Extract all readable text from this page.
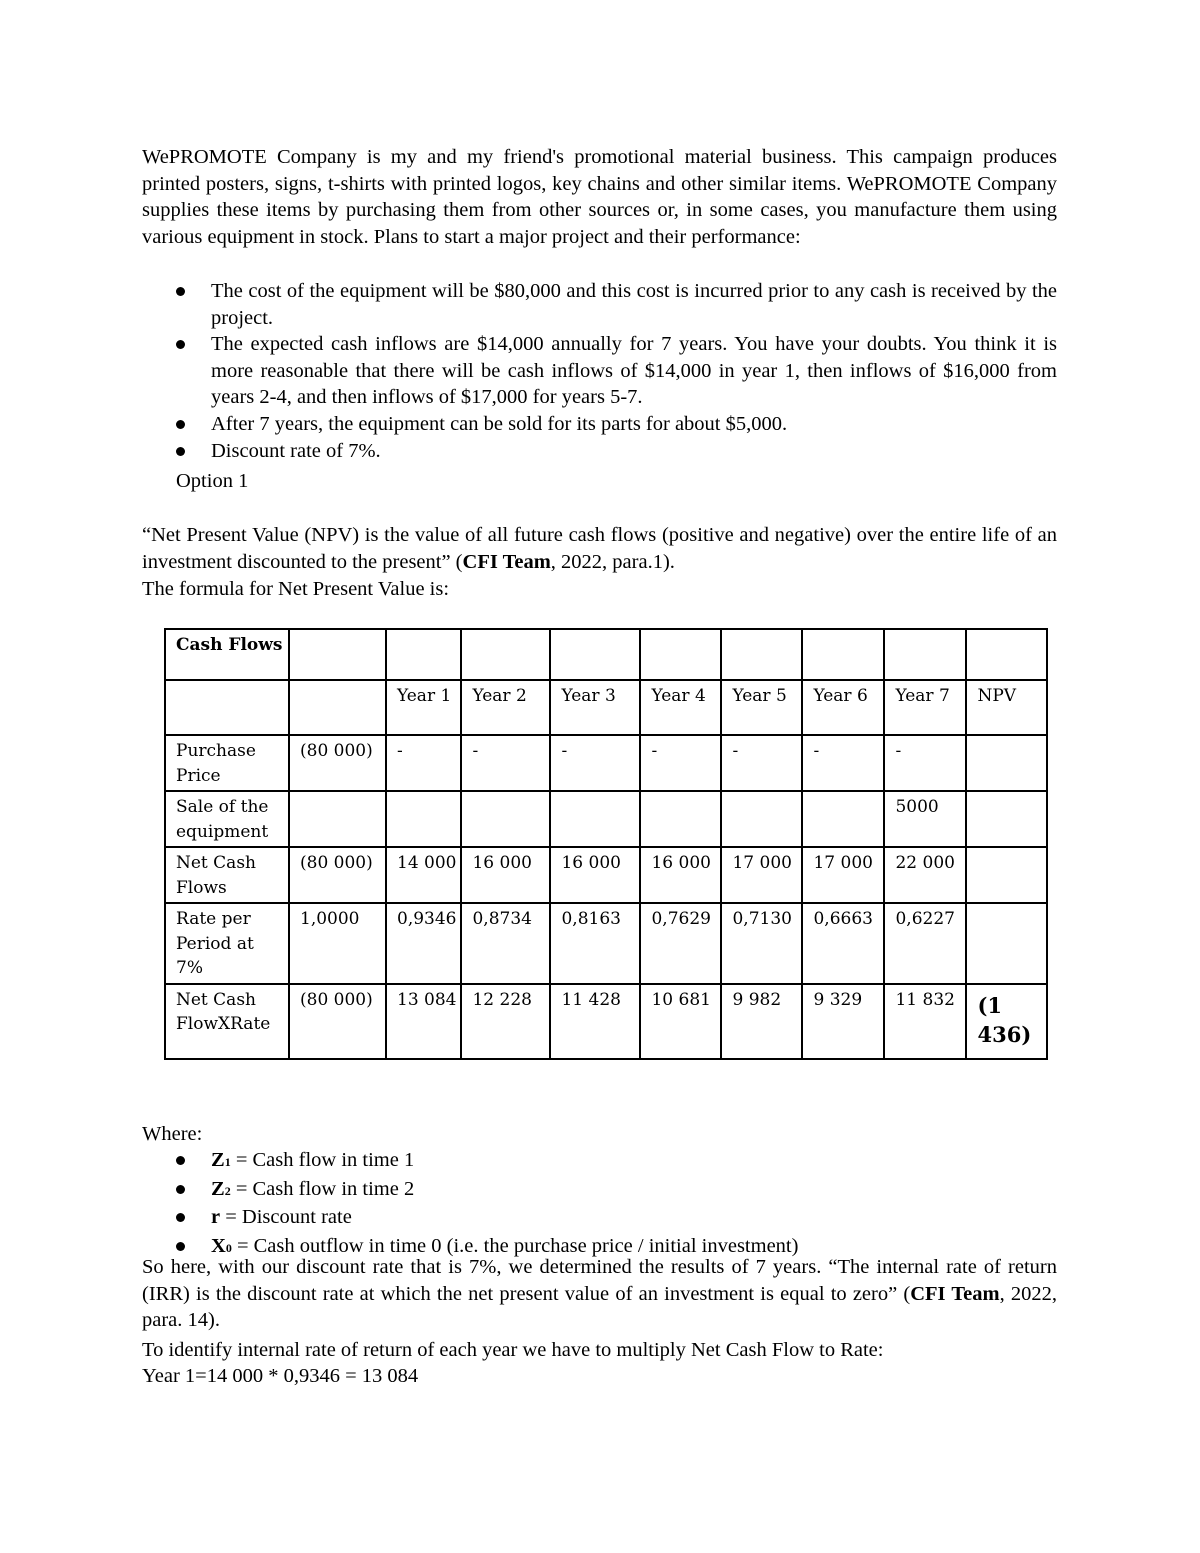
WePROMOTE Company is my and my friend's promotional material business. This campaign produces printed posters, signs, t-shirts with printed logos, key chains and other similar items. WePROMOTE Company supplies these items by purchasing them from other sources or, in some cases, you manufacture them using various equipment in stock. Plans to start a major project and their performance:

The cost of the equipment will be $80,000 and this cost is incurred prior to any cash is received by the project.
The expected cash inflows are $14,000 annually for 7 years. You have your doubts. You think it is more reasonable that there will be cash inflows of $14,000 in year 1, then inflows of $16,000 from years 2-4, and then inflows of $17,000 for years 5-7.
After 7 years, the equipment can be sold for its parts for about $5,000.
Discount rate of 7%.

Option 1

“Net Present Value (NPV) is the value of all future cash flows (positive and negative) over the entire life of an investment discounted to the present” (CFI Team, 2022, para.1).

The formula for Net Present Value is:

Cash Flows									
		Year 1	Year 2	Year 3	Year 4	Year 5	Year 6	Year 7	NPV
Purchase Price	(80 000)	-	-	-	-	-	-	-	
Sale of the equipment								5000	
Net Cash Flows	(80 000)	14 000	16 000	16 000	16 000	17 000	17 000	22 000	
Rate per Period at 7%	1,0000	0,9346	0,8734	0,8163	0,7629	0,7130	0,6663	0,6227	
Net Cash FlowXRate	(80 000)	13 084	12 228	11 428	10 681	9 982	9 329	11 832	(1 436)

Where:

Z1 = Cash flow in time 1
Z2 = Cash flow in time 2
r = Discount rate
X0 = Cash outflow in time 0 (i.e. the purchase price / initial investment)

So here, with our discount rate that is 7%, we determined the results of 7 years. “The internal rate of return (IRR) is the discount rate at which the net present value of an investment is equal to zero” (CFI Team, 2022, para. 14).

To identify internal rate of return of each year we have to multiply Net Cash Flow to Rate:

Year 1=14 000 * 0,9346 = 13 084
